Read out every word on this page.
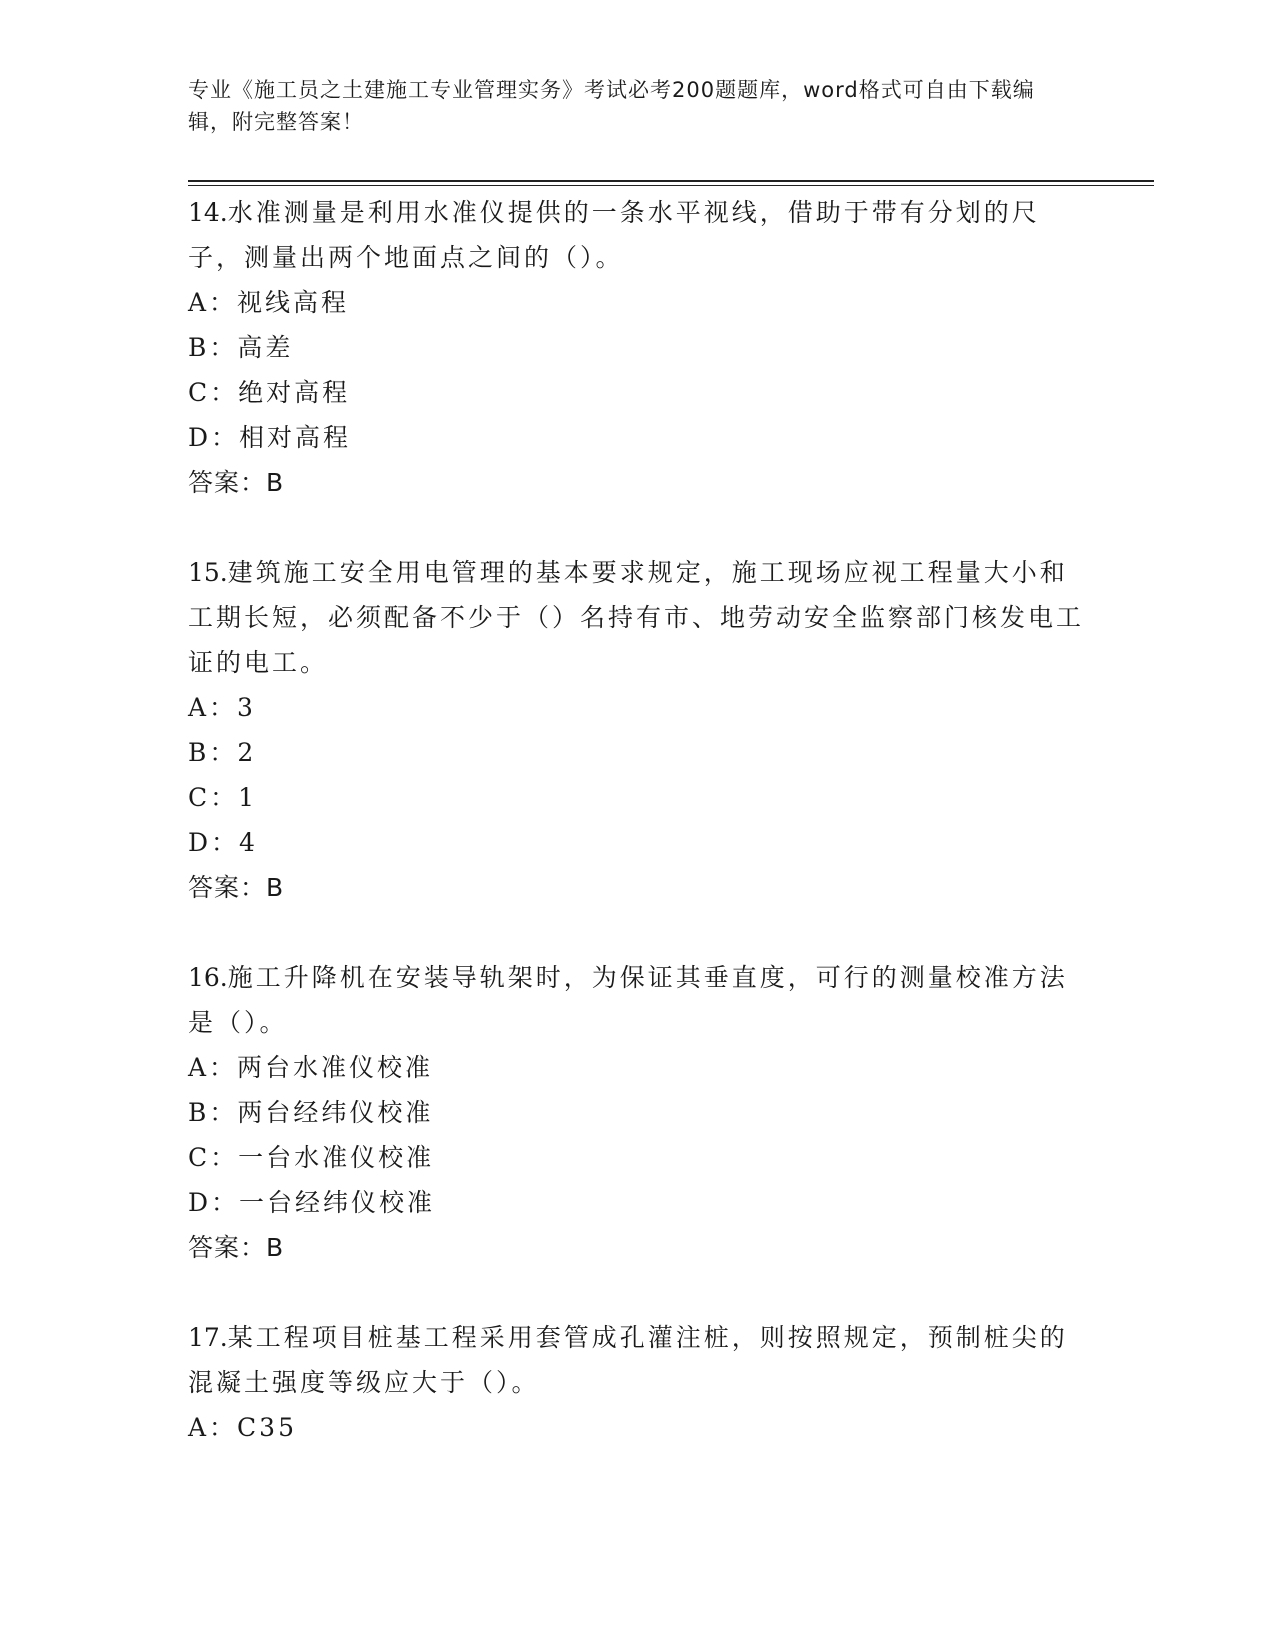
专业《施工员之土建施工专业管理实务》考试必考200题题库，word格式可自由下载编辑，附完整答案！
14.水准测量是利用水准仪提供的一条水平视线，借助于带有分划的尺子，测量出两个地面点之间的（）。
A：视线高程
B：高差
C：绝对高程
D：相对高程
答案：B
15.建筑施工安全用电管理的基本要求规定，施工现场应视工程量大小和工期长短，必须配备不少于（）名持有市、地劳动安全监察部门核发电工证的电工。
A：3
B：2
C：1
D：4
答案：B
16.施工升降机在安装导轨架时，为保证其垂直度，可行的测量校准方法是（）。
A：两台水准仪校准
B：两台经纬仪校准
C：一台水准仪校准
D：一台经纬仪校准
答案：B
17.某工程项目桩基工程采用套管成孔灌注桩，则按照规定，预制桩尖的混凝土强度等级应大于（）。
A：C35
